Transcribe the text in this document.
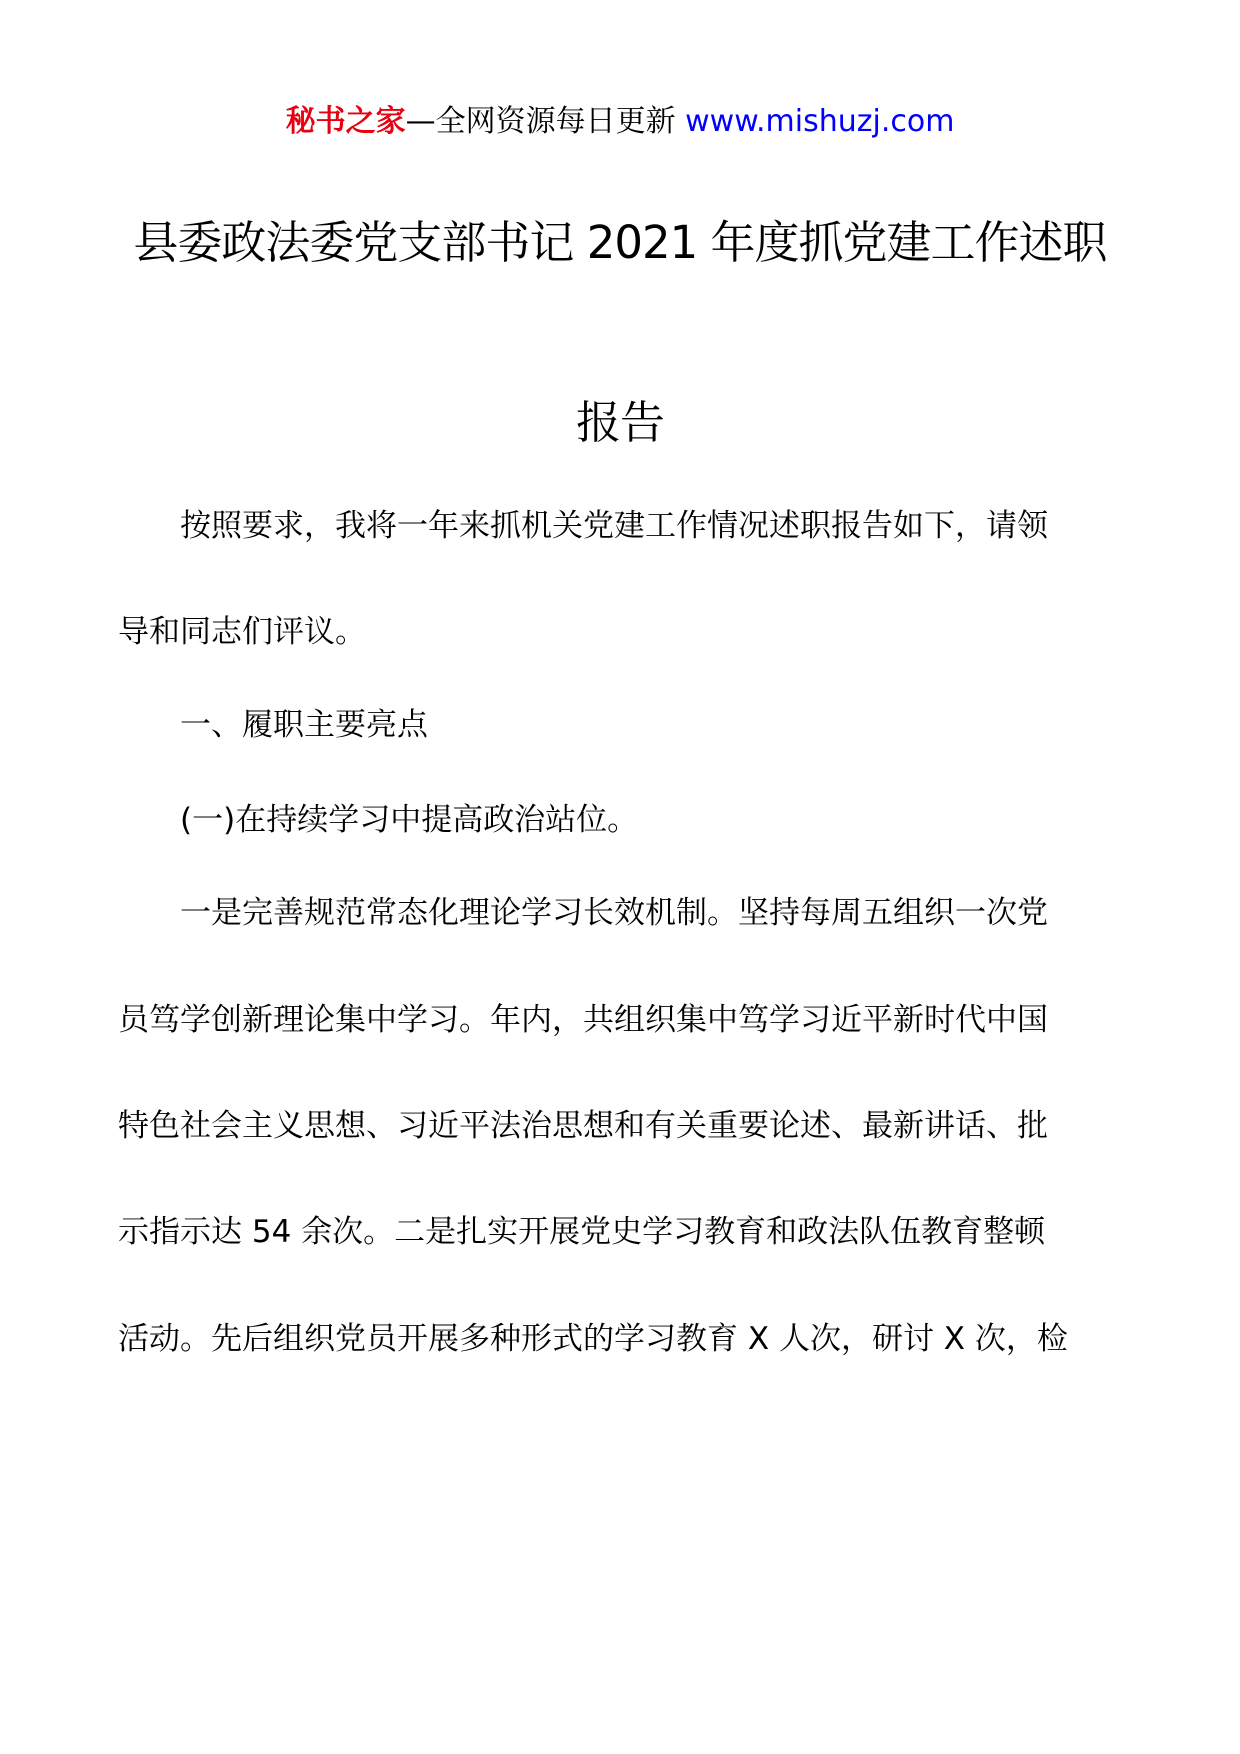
秘书之家—全网资源每日更新 www.mishuzj.com
县委政法委党支部书记 2021 年度抓党建工作述职
报告
按照要求，我将一年来抓机关党建工作情况述职报告如下，请领
导和同志们评议。
一、履职主要亮点
(一)在持续学习中提高政治站位。
一是完善规范常态化理论学习长效机制。坚持每周五组织一次党
员笃学创新理论集中学习。年内，共组织集中笃学习近平新时代中国
特色社会主义思想、习近平法治思想和有关重要论述、最新讲话、批
示指示达 54 余次。二是扎实开展党史学习教育和政法队伍教育整顿
活动。先后组织党员开展多种形式的学习教育 X 人次，研讨 X 次，检
